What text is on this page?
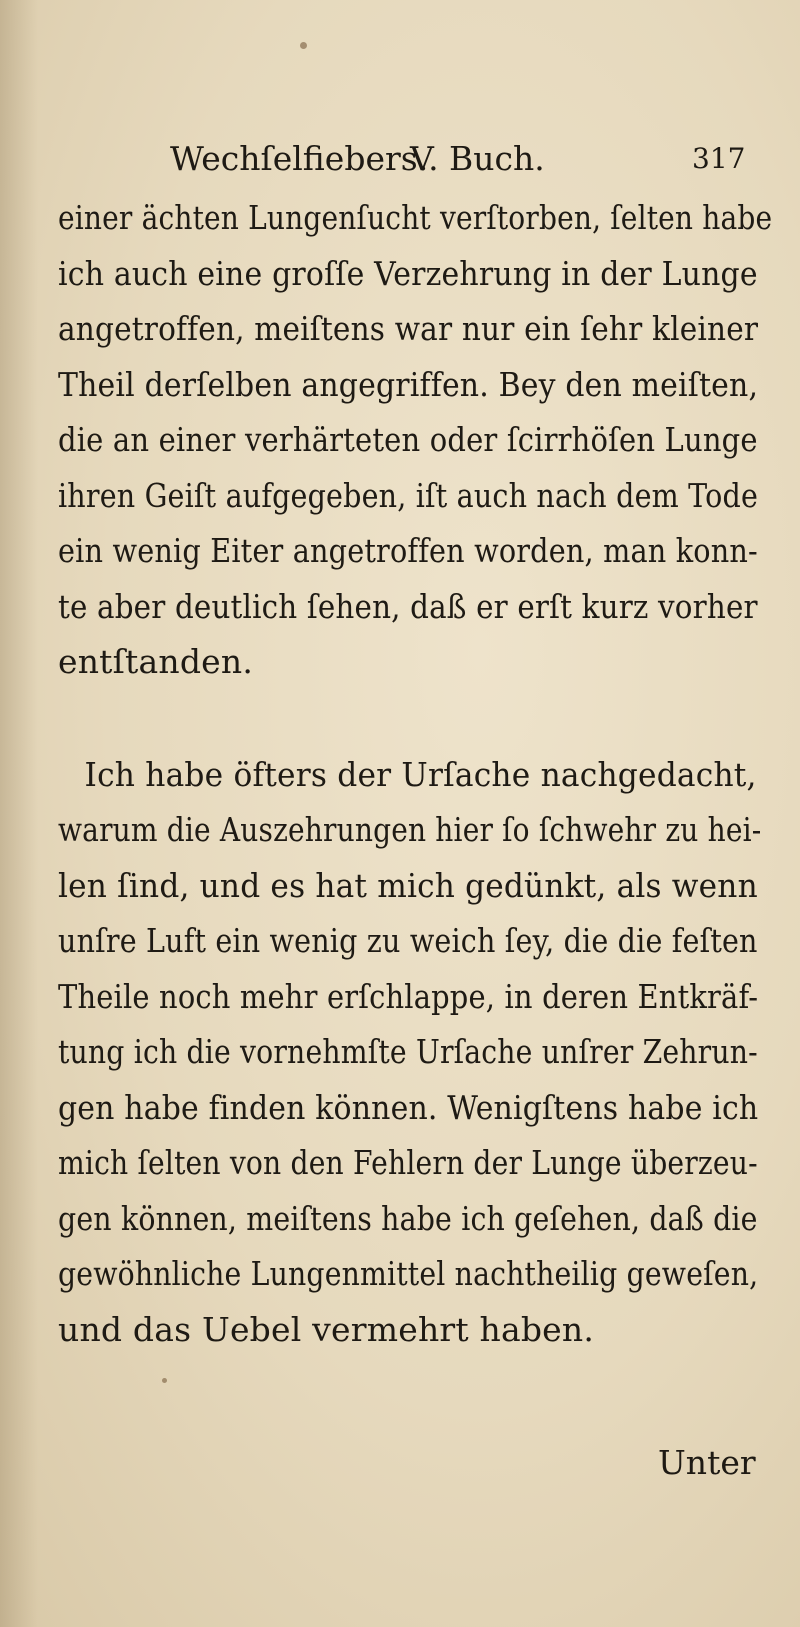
Wechſelfiebers.
V. Buch.	317
einer ächten Lungenſucht verſtorben, ſelten habe
ich auch eine groſſe Verzehrung in der Lunge
angetroffen, meiſtens war nur ein ſehr kleiner
Theil derſelben angegriffen. Bey den meiſten,
die an einer verhärteten oder ſcirrhöſen Lunge
ihren Geiſt aufgegeben, iſt auch nach dem Tode
ein wenig Eiter angetroffen worden, man konn-
te aber deutlich ſehen, daß er erſt kurz vorher
entſtanden.
Ich habe öfters der Urſache nachgedacht,
warum die Auszehrungen hier ſo ſchwehr zu hei-
len ſind, und es hat mich gedünkt, als wenn
unſre Luft ein wenig zu weich ſey, die die feſten
Theile noch mehr erſchlappe, in deren Entkräf-
tung ich die vornehmſte Urſache unſrer Zehrun-
gen habe finden können. Wenigſtens habe ich
mich ſelten von den Fehlern der Lunge überzeu-
gen können, meiſtens habe ich geſehen, daß die
gewöhnliche Lungenmittel nachtheilig geweſen,
und das Uebel vermehrt haben.
Unter
